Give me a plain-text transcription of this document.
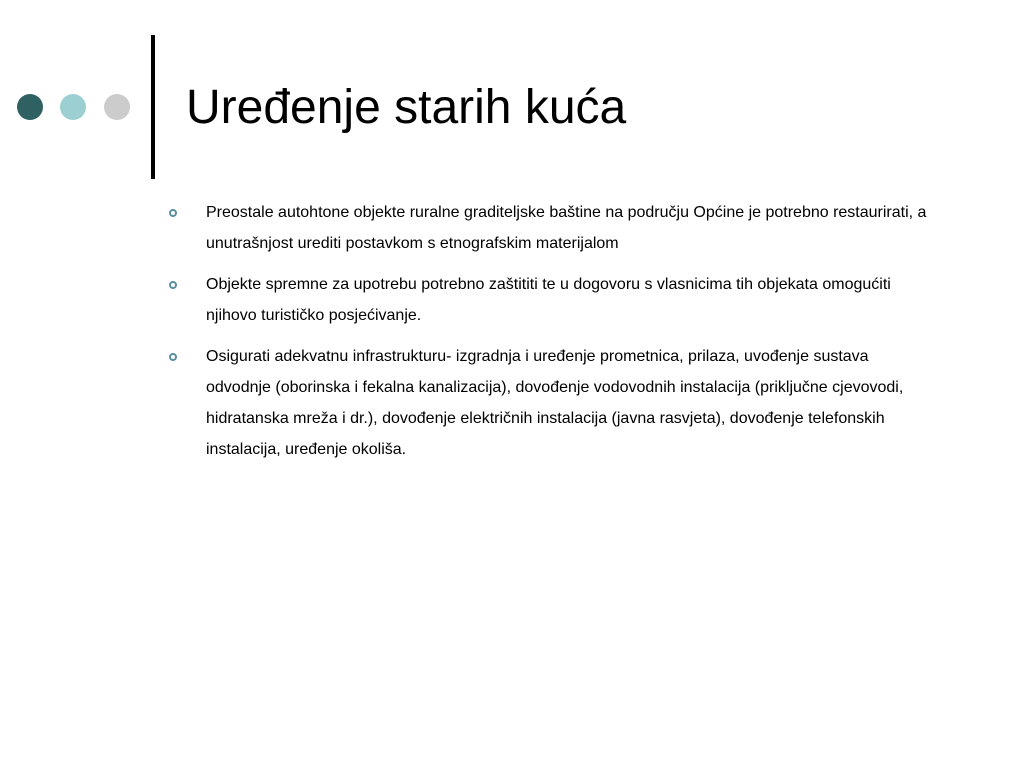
Uređenje starih kuća
Preostale autohtone objekte ruralne graditeljske baštine na području Općine je potrebno restaurirati, a unutrašnjost urediti postavkom s etnografskim materijalom
Objekte spremne za upotrebu potrebno zaštititi te u dogovoru s vlasnicima tih objekata omogućiti njihovo turističko posjećivanje.
Osigurati adekvatnu infrastrukturu- izgradnja i uređenje prometnica, prilaza, uvođenje sustava odvodnje (oborinska i fekalna kanalizacija), dovođenje vodovodnih instalacija (priključne cjevovodi, hidratanska mreža i dr.), dovođenje električnih instalacija (javna rasvjeta), dovođenje telefonskih instalacija, uređenje okoliša.
